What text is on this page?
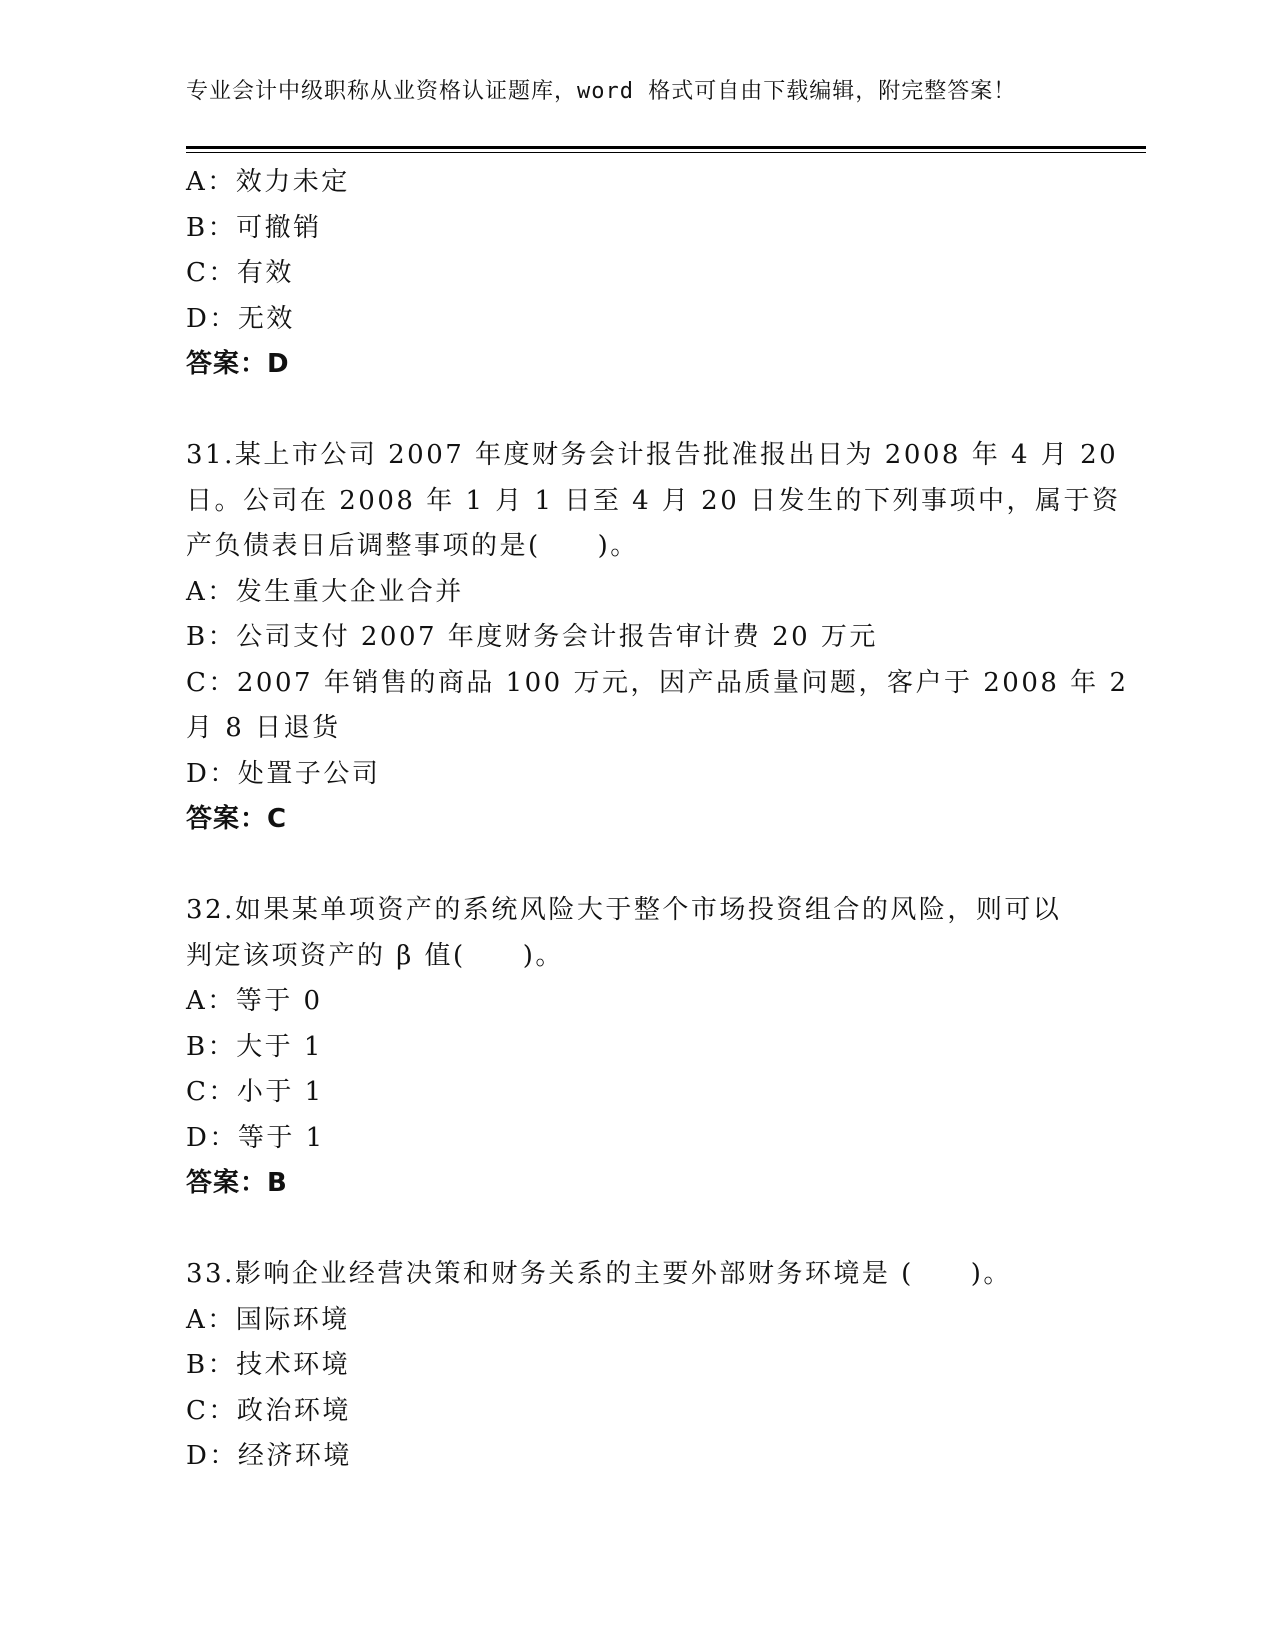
专业会计中级职称从业资格认证题库，word 格式可自由下载编辑，附完整答案！
A：效力未定
B：可撤销
C：有效
D：无效
答案：D
31.某上市公司 2007 年度财务会计报告批准报出日为 2008 年 4 月 20
日。公司在 2008 年 1 月 1 日至 4 月 20 日发生的下列事项中，属于资
产负债表日后调整事项的是(　　)。
A：发生重大企业合并
B：公司支付 2007 年度财务会计报告审计费 20 万元
C：2007 年销售的商品 100 万元，因产品质量问题，客户于 2008 年 2
月 8 日退货
D：处置子公司
答案：C
32.如果某单项资产的系统风险大于整个市场投资组合的风险，则可以
判定该项资产的 β 值(　　)。
A：等于 0
B：大于 1
C：小于 1
D：等于 1
答案：B
33.影响企业经营决策和财务关系的主要外部财务环境是 (　　)。
A：国际环境
B：技术环境
C：政治环境
D：经济环境
